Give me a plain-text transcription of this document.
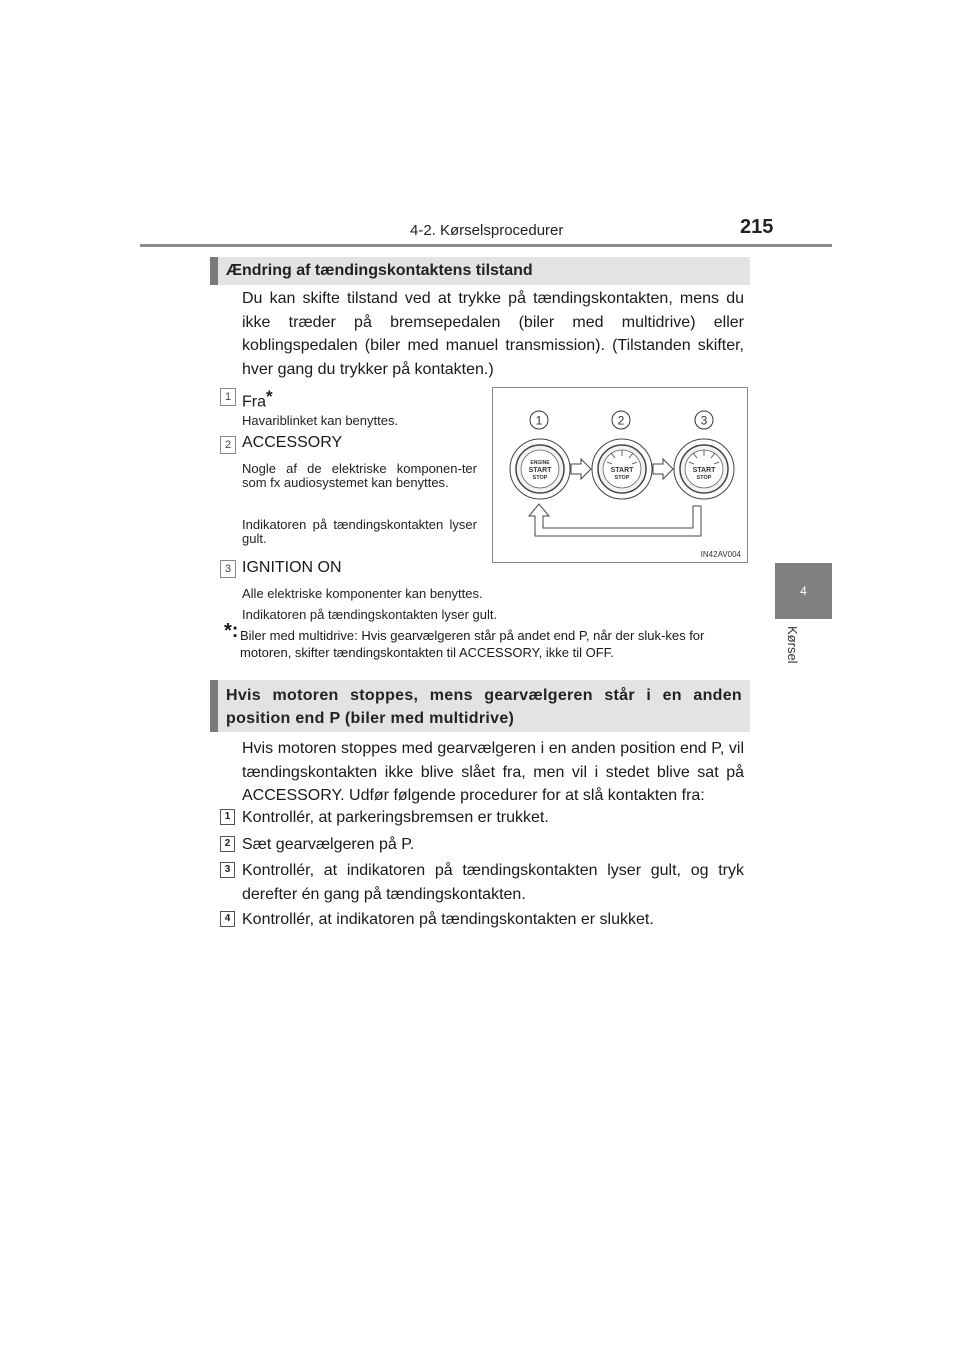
4-2. Kørselsprocedurer	215
4
Kørsel
Ændring af tændingskontaktens tilstand
Du kan skifte tilstand ved at trykke på tændingskontakten, mens du ikke træder på bremsepedalen (biler med multidrive) eller koblingspedalen (biler med manuel transmission). (Tilstanden skifter, hver gang du trykker på kontakten.)
1 Fra*
Havariblinket kan benyttes.
2 ACCESSORY
Nogle af de elektriske komponen-ter som fx audiosystemet kan benyttes.
Indikatoren på tændingskontakten lyser gult.
3 IGNITION ON
Alle elektriske komponenter kan benyttes.
Indikatoren på tændingskontakten lyser gult.
1	2	3
ENGINE
START
STOP
START
STOP
START
STOP
IN42AV004
*: Biler med multidrive: Hvis gearvælgeren står på andet end P, når der sluk-kes for motoren, skifter tændingskontakten til ACCESSORY, ikke til OFF.
Hvis motoren stoppes, mens gearvælgeren står i en anden
position end P (biler med multidrive)
Hvis motoren stoppes med gearvælgeren i en anden position end P, vil tændingskontakten ikke blive slået fra, men vil i stedet blive sat på ACCESSORY. Udfør følgende procedurer for at slå kontakten fra:
1 Kontrollér, at parkeringsbremsen er trukket.
2 Sæt gearvælgeren på P.
3 Kontrollér, at indikatoren på tændingskontakten lyser gult, og tryk derefter én gang på tændingskontakten.
4 Kontrollér, at indikatoren på tændingskontakten er slukket.
